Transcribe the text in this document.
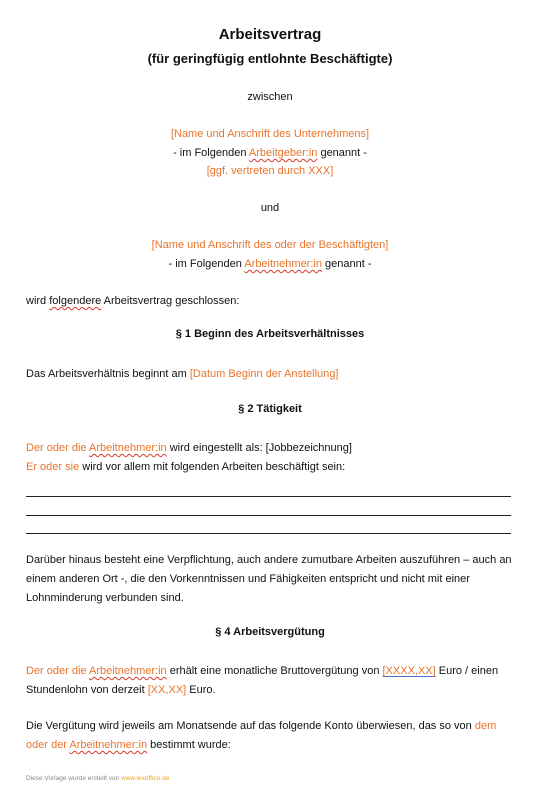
Arbeitsvertrag
(für geringfügig entlohnte Beschäftigte)
zwischen
[Name und Anschrift des Unternehmens]
- im Folgenden Arbeitgeber:in genannt -
[ggf. vertreten durch XXX]
und
[Name und Anschrift des oder der Beschäftigten]
- im Folgenden Arbeitnehmer:in genannt -
wird folgendere Arbeitsvertrag geschlossen:
§ 1 Beginn des Arbeitsverhältnisses
Das Arbeitsverhältnis beginnt am [Datum Beginn der Anstellung]
§ 2 Tätigkeit
Der oder die Arbeitnehmer:in wird eingestellt als: [Jobbezeichnung]
Er oder sie wird vor allem mit folgenden Arbeiten beschäftigt sein:
Darüber hinaus besteht eine Verpflichtung, auch andere zumutbare Arbeiten auszuführen – auch an einem anderen Ort -, die den Vorkenntnissen und Fähigkeiten entspricht und nicht mit einer Lohnminderung verbunden sind.
§ 4 Arbeitsvergütung
Der oder die Arbeitnehmer:in erhält eine monatliche Bruttovergütung von [XXXX,XX] Euro / einen Stundenlohn von derzeit [XX,XX] Euro.
Die Vergütung wird jeweils am Monatsende auf das folgende Konto überwiesen, das so von dem oder der Arbeitnehmer:in bestimmt wurde:
Diese Vorlage wurde erstellt von www.lexoffice.de
